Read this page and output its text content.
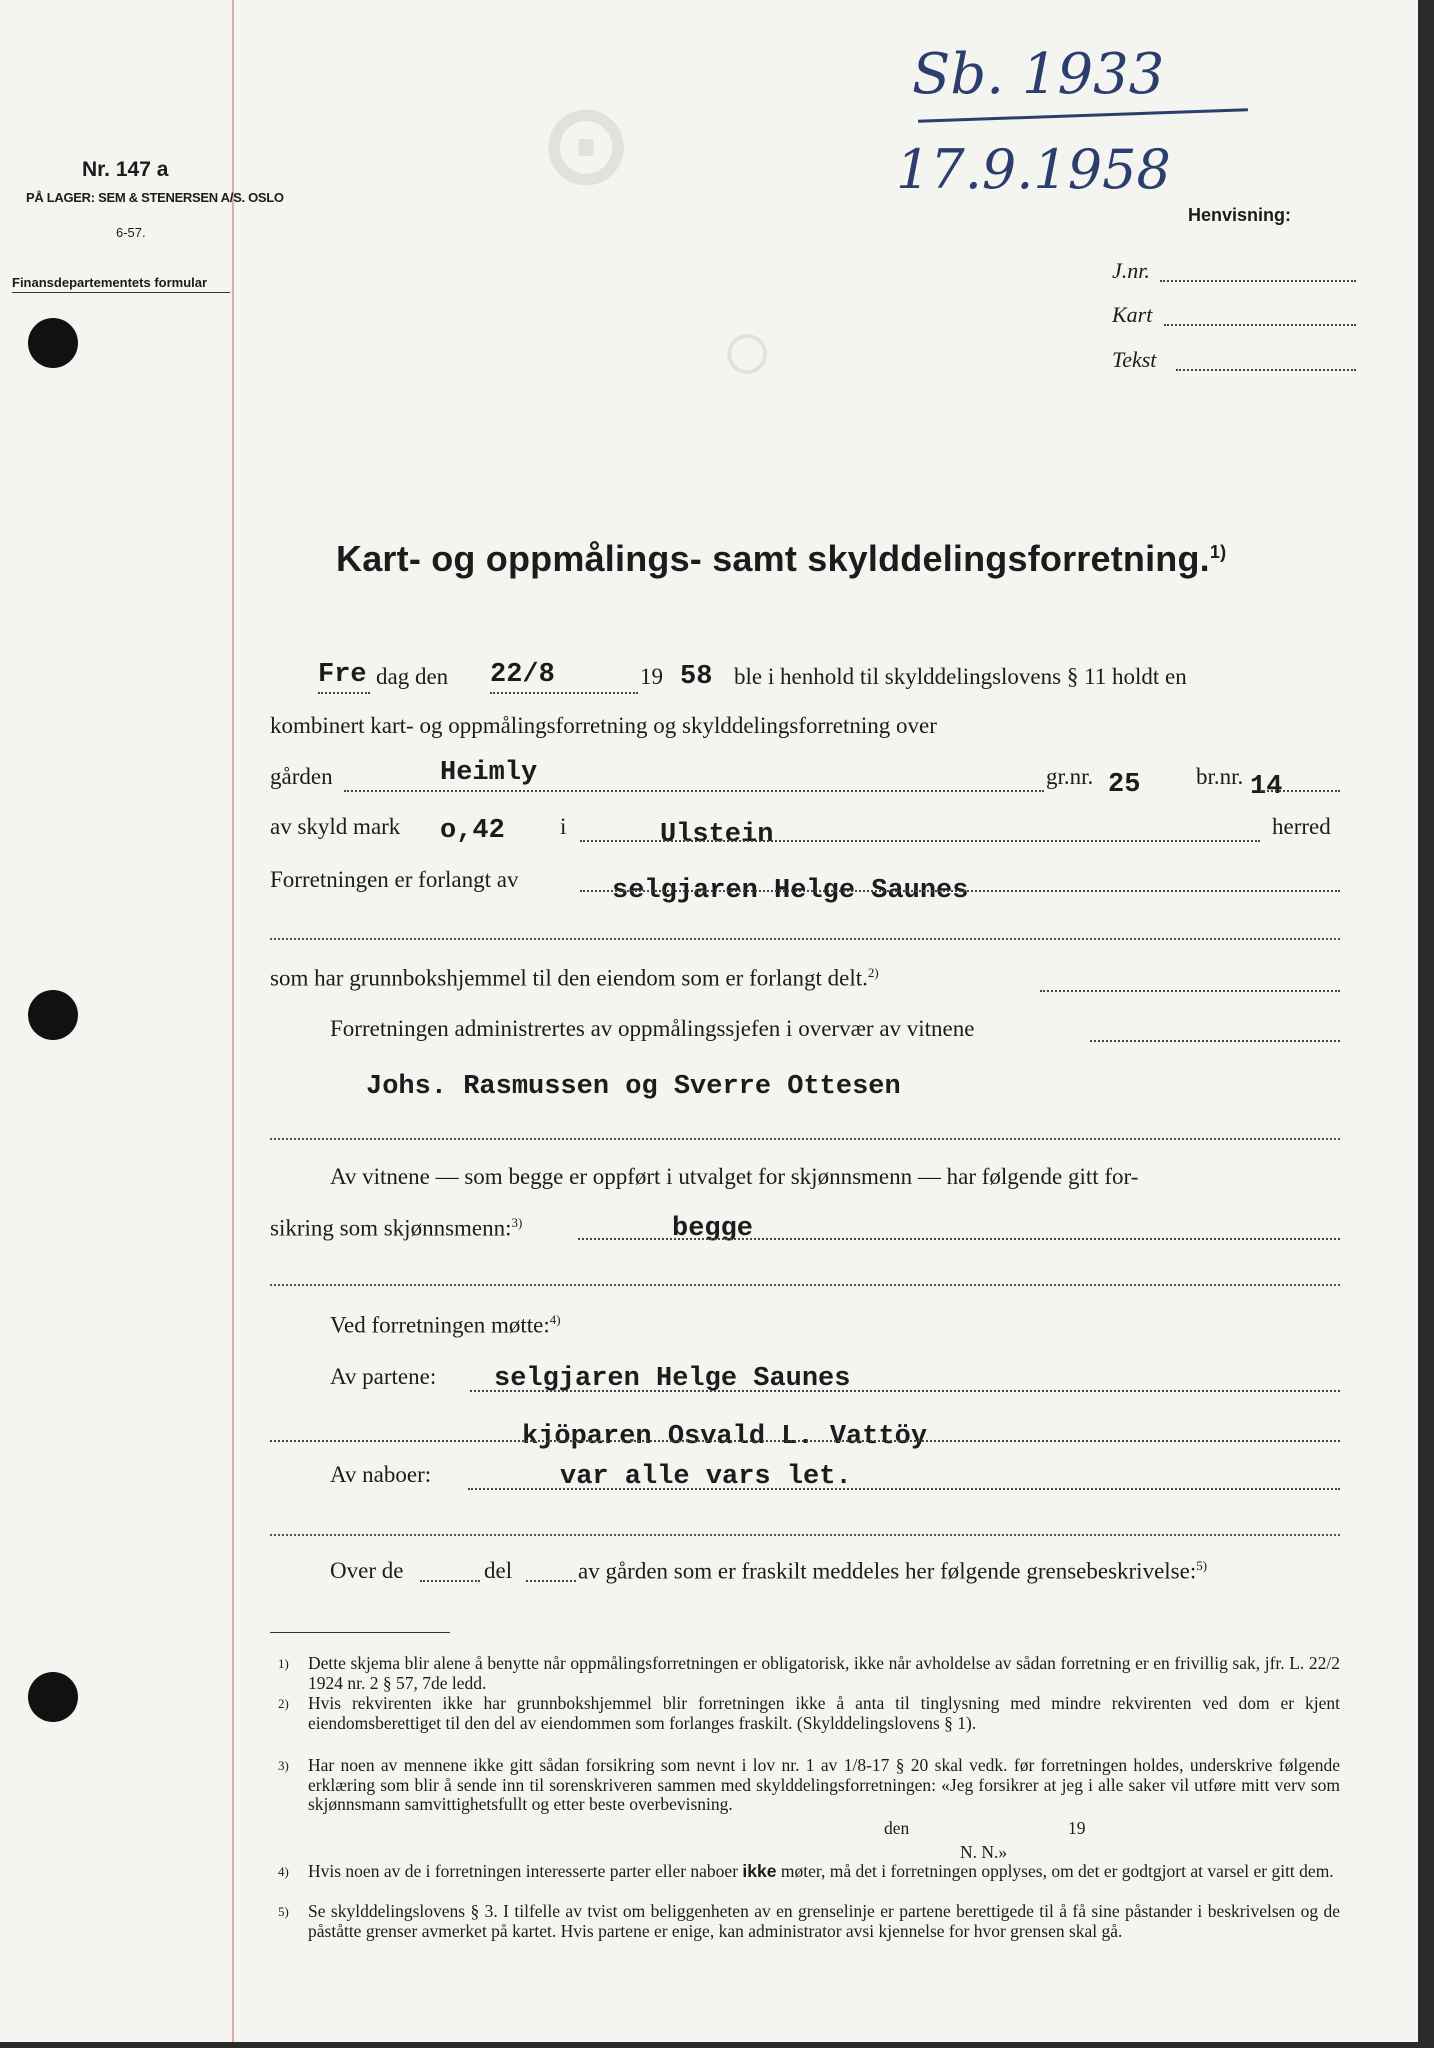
⊙
○
Nr. 147 a
PÅ LAGER: SEM & STENERSEN A/S. OSLO
6-57.
Finansdepartementets formular
Sb. 1933
17.9.1958
Henvisning:
J.nr.
Kart
Tekst
Kart- og oppmålings- samt skylddelingsforretning.$^{1)}$
Fre dag den 22/8	19 58 ble i henhold til skylddelingslovens § 11 holdt en
kombinert kart- og oppmålingsforretning og skylddelingsforretning over
gården	Heimly	gr.nr. 25 br.nr. 14
av skyld mark o,42 i	Ulstein	herred
Forretningen er forlangt av	selgjaren Helge Saunes
som har grunnbokshjemmel til den eiendom som er forlangt delt.$^{2)}$
Forretningen administrertes av oppmålingssjefen i overvær av vitnene
Johs. Rasmussen og Sverre Ottesen
Av vitnene — som begge er oppført i utvalget for skjønnsmenn — har følgende gitt for-
sikring som skjønnsmenn:$^{3)}$	begge
Ved forretningen møtte:$^{4)}$
Av partene: selgjaren Helge Saunes
kjöparen Osvald L. Vattöy
Av naboer:	var alle vars let.
Over de	del	av gården som er fraskilt meddeles her følgende grensebeskrivelse:$^{5)}$
1) Dette skjema blir alene å benytte når oppmålingsforretningen er obligatorisk, ikke når avholdelse av sådan forretning er en frivillig sak, jfr. L. 22/2 1924 nr. 2 § 57, 7de ledd.
2) Hvis rekvirenten ikke har grunnbokshjemmel blir forretningen ikke å anta til tinglysning med mindre rekvirenten ved dom er kjent eiendomsberettiget til den del av eiendommen som forlanges fraskilt. (Skylddelingslovens § 1).
3) Har noen av mennene ikke gitt sådan forsikring som nevnt i lov nr. 1 av 1/8-17 § 20 skal vedk. før forretningen holdes, underskrive følgende erklæring som blir å sende inn til sorenskriveren sammen med skylddelingsforretningen: «Jeg forsikrer at jeg i alle saker vil utføre mitt verv som skjønnsmann samvittighetsfullt og etter beste overbevisning.
den	19
N. N.»
4) Hvis noen av de i forretningen interesserte parter eller naboer ikke møter, må det i forretningen opplyses, om det er godtgjort at varsel er gitt dem.
5) Se skylddelingslovens § 3. I tilfelle av tvist om beliggenheten av en grenselinje er partene berettigede til å få sine påstander i beskrivelsen og de påståtte grenser avmerket på kartet. Hvis partene er enige, kan administrator avsi kjennelse for hvor grensen skal gå.
